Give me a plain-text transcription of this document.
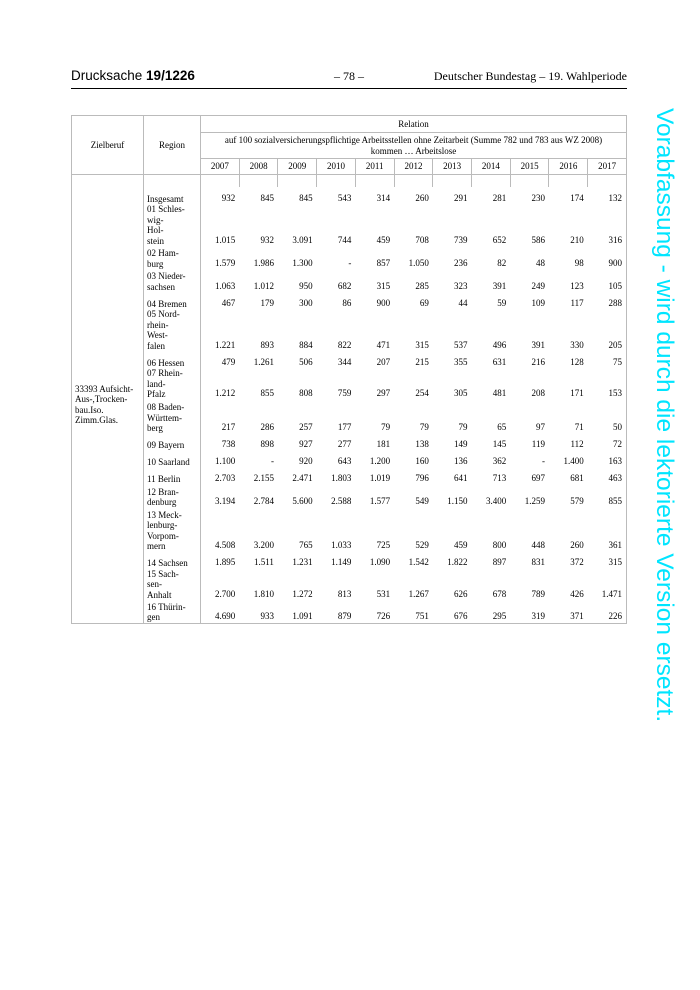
Drucksache 19/1226	– 78 –	Deutscher Bundestag – 19. Wahlperiode
Zielberuf	Region	Relation										
		auf 100 sozialversicherungspflichtige Arbeitsstellen ohne Zeitarbeit (Summe 782 und 783 aus WZ 2008) kommen … Arbeitslose										
		2007	2008	2009	2010	2011	2012	2013	2014	2015	2016	2017

33393 Aufsicht-Aus-,Trocken-bau.Iso. Zimm.Glas.	Insgesamt	932	845	845	543	314	260	291	281	230	174	132
	01 Schles-
wig-
Hol-
stein	1.015	932	3.091	744	459	708	739	652	586	210	316
	02 Ham-
burg	1.579	1.986	1.300	-	857	1.050	236	82	48	98	900
	03 Nieder-
sachsen	1.063	1.012	950	682	315	285	323	391	249	123	105
	04 Bremen	467	179	300	86	900	69	44	59	109	117	288
	05 Nord-
rhein-
West-
falen	1.221	893	884	822	471	315	537	496	391	330	205
	06 Hessen	479	1.261	506	344	207	215	355	631	216	128	75
	07 Rhein-
land-
Pfalz	1.212	855	808	759	297	254	305	481	208	171	153
	08 Baden-
Württem-
berg	217	286	257	177	79	79	79	65	97	71	50
	09 Bayern	738	898	927	277	181	138	149	145	119	112	72
	10 Saarland	1.100	-	920	643	1.200	160	136	362	-	1.400	163
	11 Berlin	2.703	2.155	2.471	1.803	1.019	796	641	713	697	681	463
	12 Bran-
denburg	3.194	2.784	5.600	2.588	1.577	549	1.150	3.400	1.259	579	855
	13 Meck-
lenburg-
Vorpom-
mern	4.508	3.200	765	1.033	725	529	459	800	448	260	361
	14 Sachsen	1.895	1.511	1.231	1.149	1.090	1.542	1.822	897	831	372	315
	15 Sach-
sen-
Anhalt	2.700	1.810	1.272	813	531	1.267	626	678	789	426	1.471
	16 Thürin-
gen	4.690	933	1.091	879	726	751	676	295	319	371	226 Vorabfassung - wird durch die lektorierte Version ersetzt.
